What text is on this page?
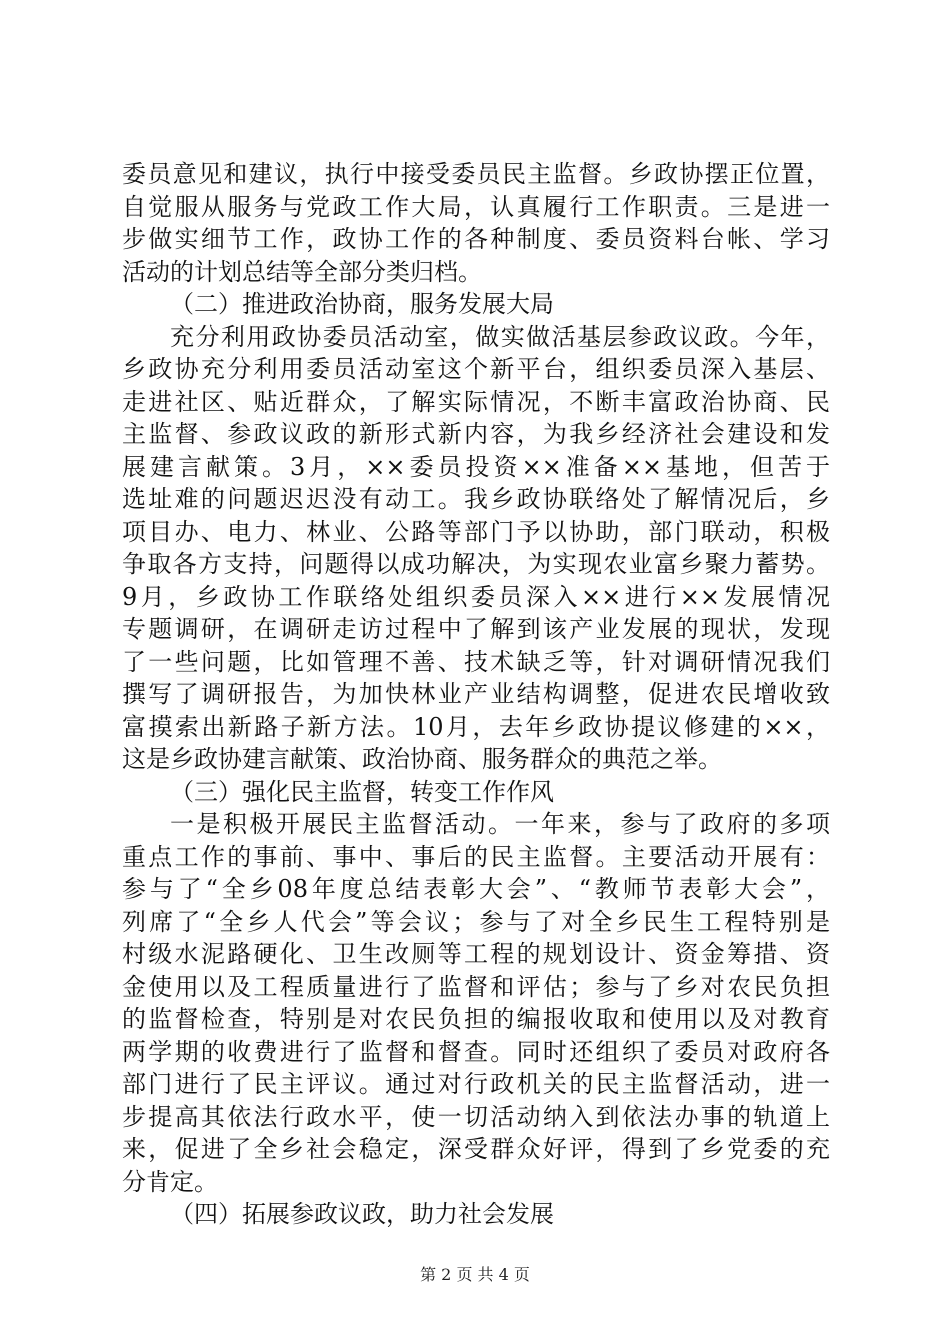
委员意见和建议，执行中接受委员民主监督。乡政协摆正位置，
自觉服从服务与党政工作大局，认真履行工作职责。三是进一
步做实细节工作，政协工作的各种制度、委员资料台帐、学习
活动的计划总结等全部分类归档。
（二）推进政治协商，服务发展大局
充分利用政协委员活动室，做实做活基层参政议政。今年，
乡政协充分利用委员活动室这个新平台，组织委员深入基层、
走进社区、贴近群众，了解实际情况，不断丰富政治协商、民
主监督、参政议政的新形式新内容，为我乡经济社会建设和发
展建言献策。3月，××委员投资××准备××基地，但苦于
选址难的问题迟迟没有动工。我乡政协联络处了解情况后，乡
项目办、电力、林业、公路等部门予以协助，部门联动，积极
争取各方支持，问题得以成功解决，为实现农业富乡聚力蓄势。
9月，乡政协工作联络处组织委员深入××进行××发展情况
专题调研，在调研走访过程中了解到该产业发展的现状，发现
了一些问题，比如管理不善、技术缺乏等，针对调研情况我们
撰写了调研报告，为加快林业产业结构调整，促进农民增收致
富摸索出新路子新方法。10月，去年乡政协提议修建的××，
这是乡政协建言献策、政治协商、服务群众的典范之举。
（三）强化民主监督，转变工作作风
一是积极开展民主监督活动。一年来，参与了政府的多项
重点工作的事前、事中、事后的民主监督。主要活动开展有：
参与了“全乡08年度总结表彰大会”、“教师节表彰大会”，
列席了“全乡人代会”等会议；参与了对全乡民生工程特别是
村级水泥路硬化、卫生改厕等工程的规划设计、资金筹措、资
金使用以及工程质量进行了监督和评估；参与了乡对农民负担
的监督检查，特别是对农民负担的编报收取和使用以及对教育
两学期的收费进行了监督和督查。同时还组织了委员对政府各
部门进行了民主评议。通过对行政机关的民主监督活动，进一
步提高其依法行政水平，使一切活动纳入到依法办事的轨道上
来，促进了全乡社会稳定，深受群众好评，得到了乡党委的充
分肯定。
（四）拓展参政议政，助力社会发展
第 2 页 共 4 页
